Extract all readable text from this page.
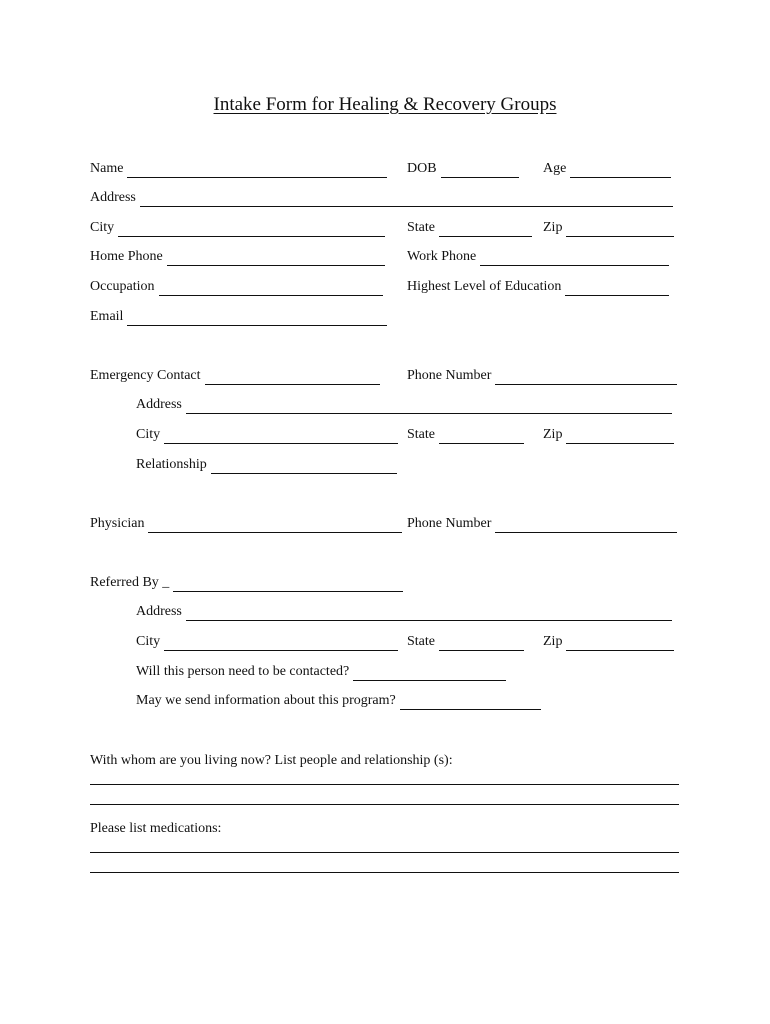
Intake Form for Healing & Recovery Groups
Name	DOB	Age
Address
City	State	Zip
Home Phone	Work Phone
Occupation	Highest Level of Education
Email
Emergency Contact	Phone Number
Address
City	State	Zip
Relationship
Physician	Phone Number
Referred By _
Address
City	State	Zip
Will this person need to be contacted?
May we send information about this program?
With whom are you living now? List people and relationship (s):
Please list medications:
